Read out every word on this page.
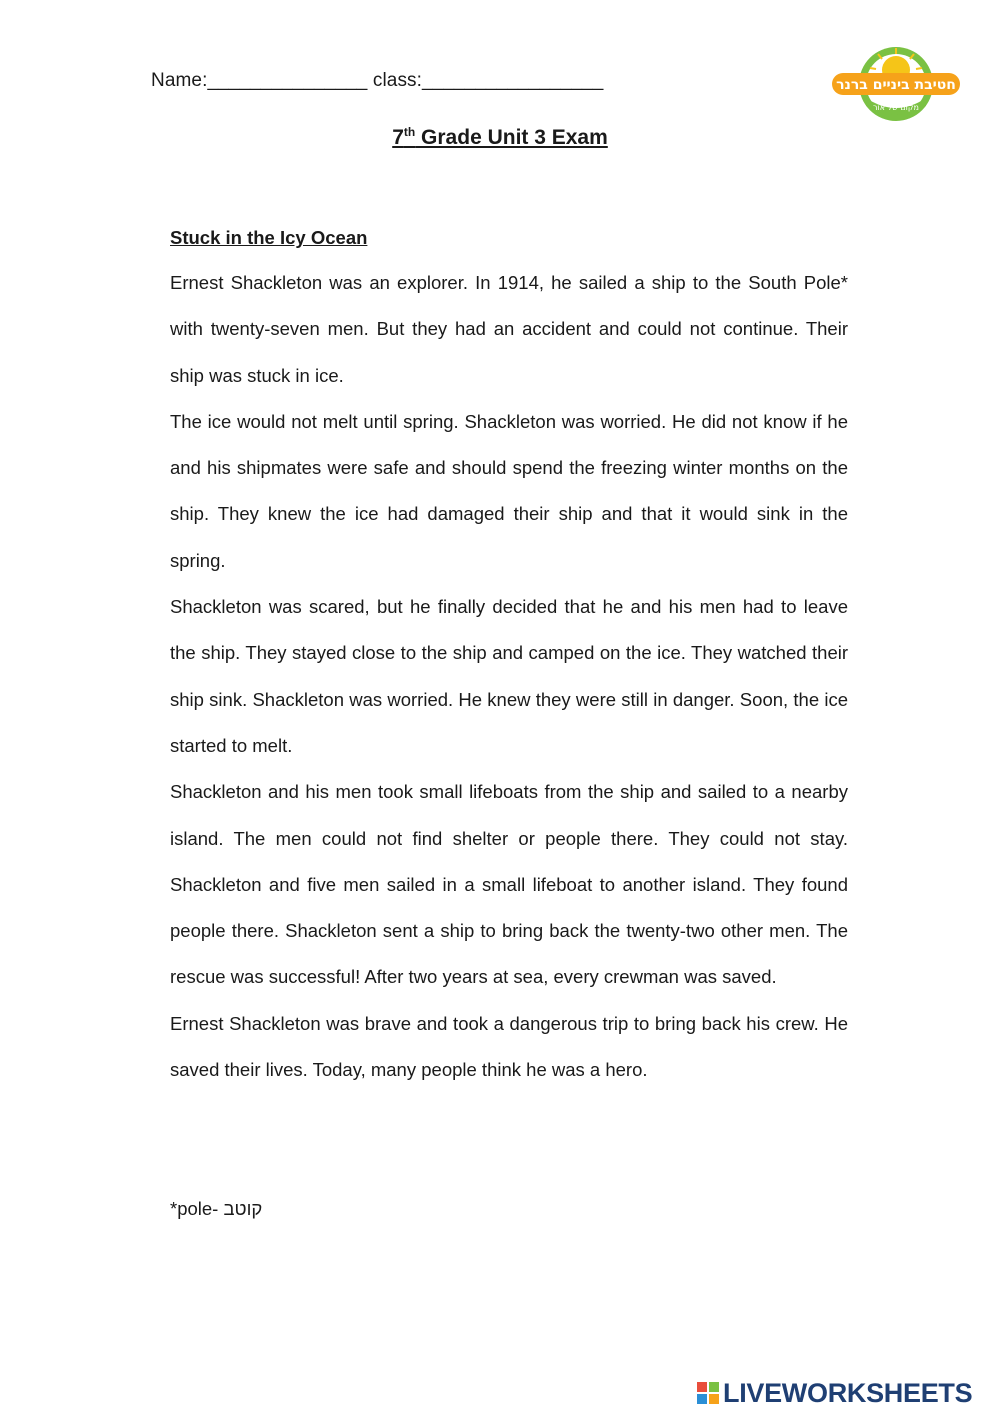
Name:_______________ class:_________________	חטיבת ביניים ברנר
מקום של אור
7th Grade Unit 3 Exam
Stuck in the Icy Ocean

Ernest Shackleton was an explorer. In 1914, he sailed a ship to the South Pole* with twenty-seven men. But they had an accident and could not continue. Their ship was stuck in ice.

The ice would not melt until spring. Shackleton was worried. He did not know if he and his shipmates were safe and should spend the freezing winter months on the ship. They knew the ice had damaged their ship and that it would sink in the spring.

Shackleton was scared, but he finally decided that he and his men had to leave the ship. They stayed close to the ship and camped on the ice. They watched their ship sink. Shackleton was worried. He knew they were still in danger. Soon, the ice started to melt.

Shackleton and his men took small lifeboats from the ship and sailed to a nearby island. The men could not find shelter or people there. They could not stay. Shackleton and five men sailed in a small lifeboat to another island. They found people there. Shackleton sent a ship to bring back the twenty-two other men. The rescue was successful! After two years at sea, every crewman was saved.

Ernest Shackleton was brave and took a dangerous trip to bring back his crew. He saved their lives. Today, many people think he was a hero.

*pole- קוטב
LIVEWORKSHEETS
